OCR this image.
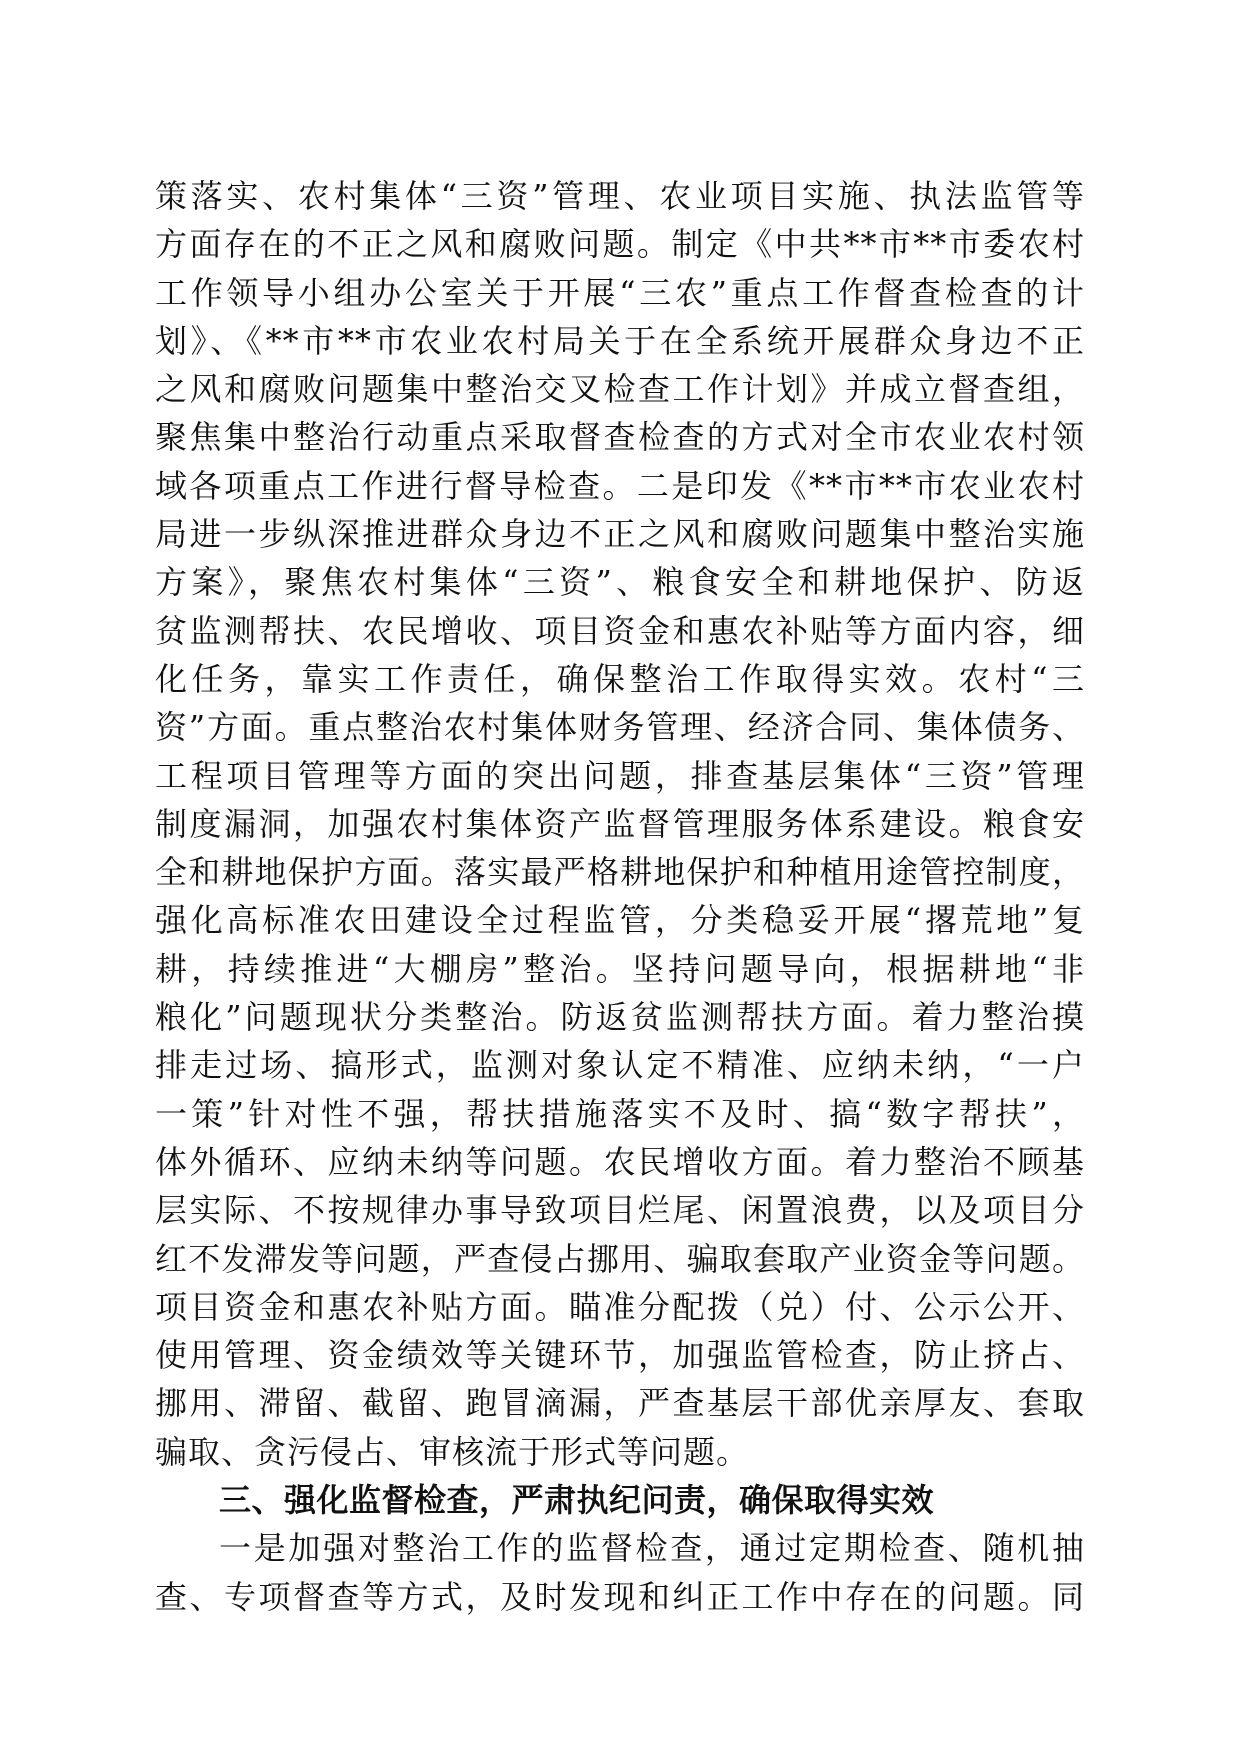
策落实、农村集体“三资”管理、农业项目实施、执法监管等
方面存在的不正之风和腐败问题。制定《中共**市**市委农村
工作领导小组办公室关于开展“三农”重点工作督查检查的计
划》、《**市**市农业农村局关于在全系统开展群众身边不正
之风和腐败问题集中整治交叉检查工作计划》并成立督查组，
聚焦集中整治行动重点采取督查检查的方式对全市农业农村领
域各项重点工作进行督导检查。二是印发《**市**市农业农村
局进一步纵深推进群众身边不正之风和腐败问题集中整治实施
方案》，聚焦农村集体“三资”、粮食安全和耕地保护、防返
贫监测帮扶、农民增收、项目资金和惠农补贴等方面内容，细
化任务，靠实工作责任，确保整治工作取得实效。农村“三
资”方面。重点整治农村集体财务管理、经济合同、集体债务、
工程项目管理等方面的突出问题，排查基层集体“三资”管理
制度漏洞，加强农村集体资产监督管理服务体系建设。粮食安
全和耕地保护方面。落实最严格耕地保护和种植用途管控制度，
强化高标准农田建设全过程监管，分类稳妥开展“撂荒地”复
耕，持续推进“大棚房”整治。坚持问题导向，根据耕地“非
粮化”问题现状分类整治。防返贫监测帮扶方面。着力整治摸
排走过场、搞形式，监测对象认定不精准、应纳未纳，“一户
一策”针对性不强，帮扶措施落实不及时、搞“数字帮扶”，
体外循环、应纳未纳等问题。农民增收方面。着力整治不顾基
层实际、不按规律办事导致项目烂尾、闲置浪费，以及项目分
红不发滞发等问题，严查侵占挪用、骗取套取产业资金等问题。
项目资金和惠农补贴方面。瞄准分配拨（兑）付、公示公开、
使用管理、资金绩效等关键环节，加强监管检查，防止挤占、
挪用、滞留、截留、跑冒滴漏，严查基层干部优亲厚友、套取
骗取、贪污侵占、审核流于形式等问题。
三、强化监督检查，严肃执纪问责，确保取得实效
一是加强对整治工作的监督检查，通过定期检查、随机抽
查、专项督查等方式，及时发现和纠正工作中存在的问题。同
